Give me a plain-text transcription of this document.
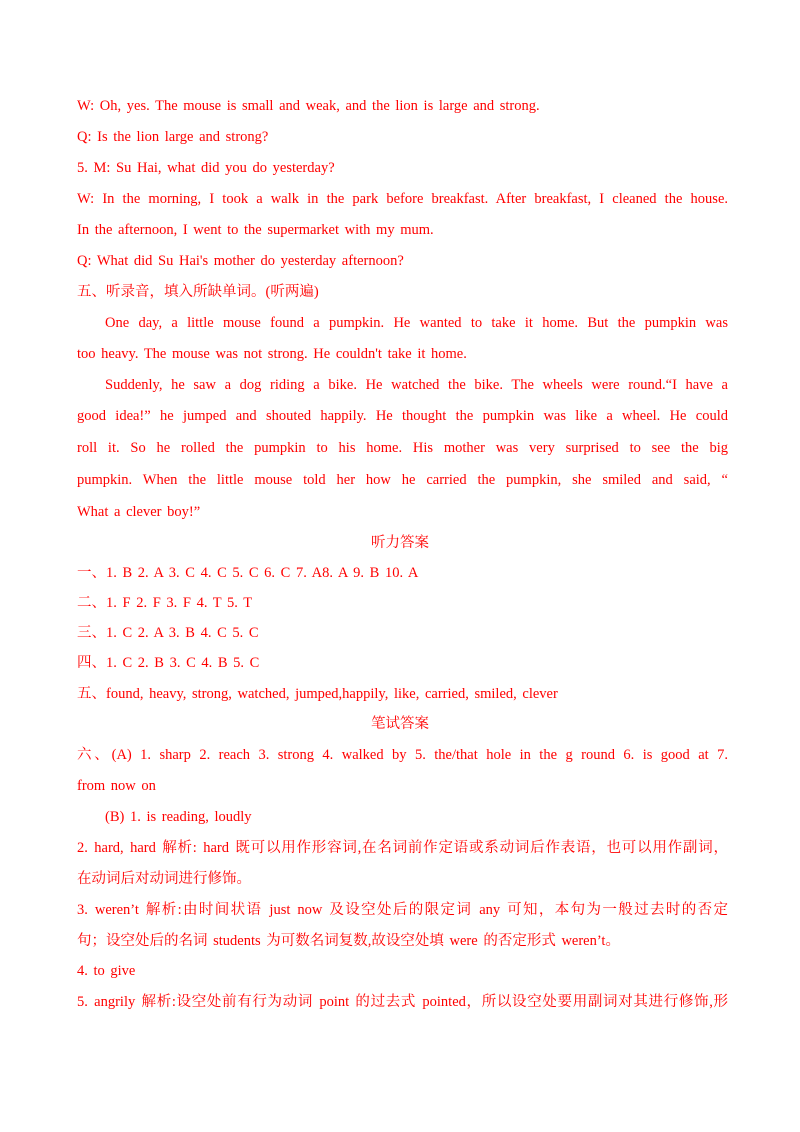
W: Oh, yes. The mouse is small and weak, and the lion is large and strong.
Q: Is the lion large and strong?
5. M: Su Hai, what did you do yesterday?
W: In the morning, I took a walk in the park before breakfast. After breakfast, I cleaned the house.
In the afternoon, I went to the supermarket with my mum.
Q: What did Su Hai's mother do yesterday afternoon?
五、听录音，填入所缺单词。(听两遍)
One day, a little mouse found a pumpkin. He wanted to take it home. But the pumpkin was
too heavy. The mouse was not strong. He couldn't take it home.
Suddenly, he saw a dog riding a bike. He watched the bike. The wheels were round.“I have a
good idea!” he jumped and shouted happily. He thought the pumpkin was like a wheel. He could
roll it. So he rolled the pumpkin to his home. His mother was very surprised to see the big
pumpkin. When the little mouse told her how he carried the pumpkin, she smiled and said, “
What a clever boy!”
听力答案
一、1. B 2. A 3. C 4. C 5. C 6. C 7. A8. A 9. B 10. A
二、1. F 2. F 3. F 4. T 5. T
三、1. C 2. A 3. B 4. C 5. C
四、1. C 2. B 3. C 4. B 5. C
五、found, heavy, strong, watched, jumped,happily, like, carried, smiled, clever
笔试答案
六、(A) 1. sharp 2. reach 3. strong 4. walked by 5. the/that hole in the g round 6. is good at 7.
from now on
(B) 1. is reading, loudly
2. hard, hard 解析: hard 既可以用作形容词,在名词前作定语或系动词后作表语，也可以用作副词，
在动词后对动词进行修饰。
3. weren’t 解析:由时间状语 just now 及设空处后的限定词 any 可知，本句为一般过去时的否定
句；设空处后的名词 students 为可数名词复数,故设空处填 were 的否定形式 weren’t。
4. to give
5. angrily 解析:设空处前有行为动词 point 的过去式 pointed，所以设空处要用副词对其进行修饰,形
